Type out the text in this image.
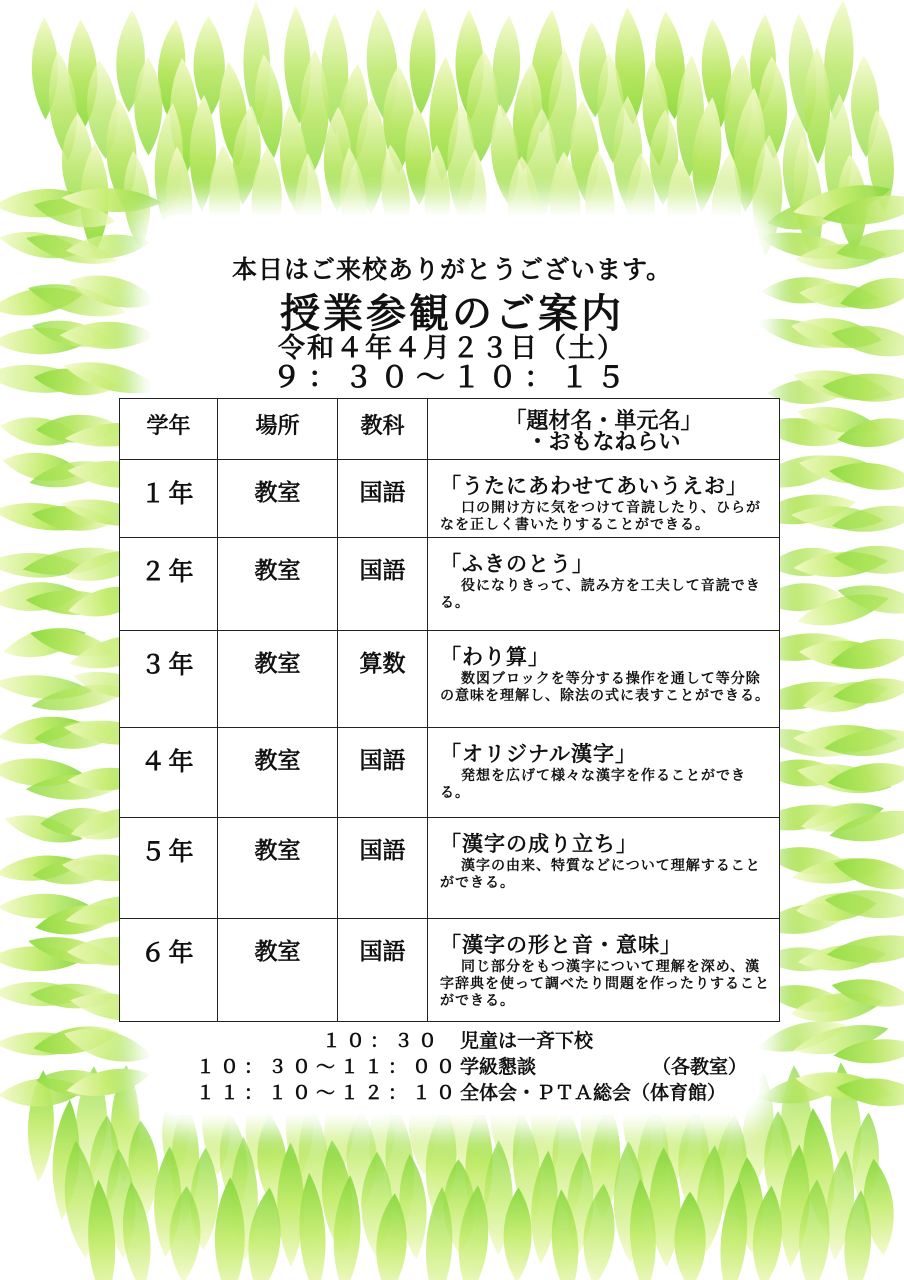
本日はご来校ありがとうございます。
授業参観のご案内
令和４年４月２３日（土）
９：３０～１０：１５
学年	場所	教科	「題材名・単元名」
・おもなねらい

１年	教室	国語	「うたにあわせてあいうえお」
口の開け方に気をつけて音読したり、ひらがなを正しく書いたりすることができる。

２年	教室	国語	「ふきのとう」
役になりきって、読み方を工夫して音読できる。

３年	教室	算数	「わり算」
数図ブロックを等分する操作を通して等分除の意味を理解し、除法の式に表すことができる。

４年	教室	国語	「オリジナル漢字」
発想を広げて様々な漢字を作ることができる。

５年	教室	国語	「漢字の成り立ち」
漢字の由来、特質などについて理解することができる。

６年	教室	国語	「漢字の形と音・意味」
同じ部分をもつ漢字について理解を深め、漢字辞典を使って調べたり問題を作ったりすることができる。
１０：３０ 児童は一斉下校
１０：３０～１１：００ 学級懇談	（各教室）
１１：１０～１２：１０ 全体会・ＰＴＡ総会（体育館）
